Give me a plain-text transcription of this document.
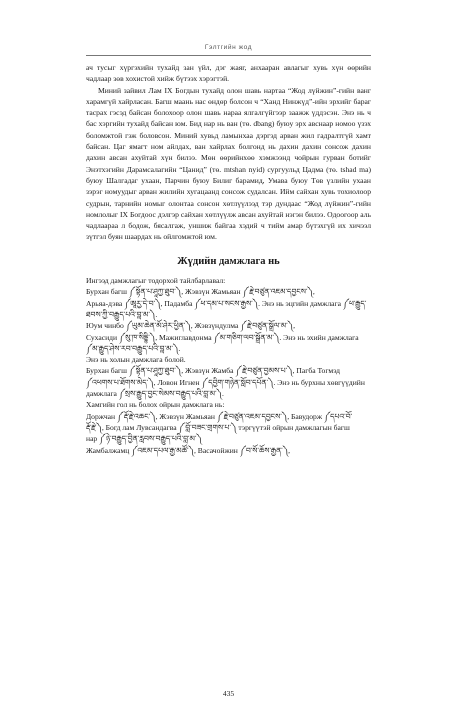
Гэлтгийн жод

ач тусыг хүргэхийн тухайд зан үйл, дэг жаяг, анхааран авлагыг хувь хүн өөрийн чадлаар зөв хохистой хийж бүтээх хэрэгтэй.

Миний зайвил Лам IX Богдын тухайд олон шавь нартаа “Жод лүйжин”-гийн ванг харамгүй хайрласан. Багш маань нас өндөр болсон ч “Ханд Нинжүд”-ийн эрхийг бараг тасрах гэсэд байсан болохоор олон шавь нараа ялгалгүйгээр заажж үддэсэн. Энэ нь ч бас хэргийн тухайд байсан юм. Бид нар нь ван (тө. dbang) буюу эрх авснаар номоо үзэх боломжтой гэж боловсон. Миний хувьд ламынхаа дэргэд арван жил гадралтгүй хамт байсан. Цаг ямагт ном айлдах, ван хайрлах болгонд нь дахин дахин сонсож дахин дахин авсан ахуйтай хүн билээ. Мөн өөрийнхөө хэмжээнд чойрын гурван ботийг Энэтхэгийн Дарамсалагийн “Цанид” (тө. mtshan nyid) сургуульд Цадма (тө. tshad ma) буюу Шалгадаг ухаан, Парчин буюу Билиг барамид, Умава буюу Төв үзлийн ухаан зэрэг номуудыг арван жилийн хугацаанд сонсож судалсан. Ийм сайхан хувь тохиолоор судрын, тарнийн номыг олонтаа сонсон хөтлүүлээд тэр дундаас “Жод лүйжин”-гийн номлолыг IX Богдоос дэлгэр сайхан хөтлүүлж авсан ахуйтай нэгэн билээ. Одоогоор аль чадлаараа л бодож, бясалгаж, уншиж байгаа хэдий ч тийм амар бүтэхгүй их хичээл зүтгэл буян шаардах нь ойлгомжтой юм.

Жүдийн дамжлага нь

Ингээд дамжлагыг тодорхой тайлбарлавал:

Бурхан багш ༼སྟོན་པ་ཤཱཀྱ་ཐུབ་༽, Жэвзүн Жамьяан ༼རྗེ་བཙུན་འཇམ་དབྱངས་༽,

Арьяа-дэва ༼ཨཱརྱ་དེ་བ་༽, Падамба ༼ཕ་དམ་པ་སངས་རྒྱས་༽. Энэ нь эцгийн дамжлага ༼ཕ་རྒྱུད་

ཐབས་ཀྱི་བརྒྱུད་པའི་བླ་མ་༽.

Юум чинбо ༼ཡུམ་ཆེན་མོ་ཤེར་ཕྱིན་༽, Жэвзүндулма ༼རྗེ་བཙུན་སྒྲོལ་མ་༽,

Сухасиди ༼སུ་ཁ་སིདྡྷི་༽, Мажиглавдонма ༼མ་གཅིག་ལབ་སྒྲོན་མ་༽. Энэ нь эхийн дамжлага

༼མ་རྒྱུད་ཤེས་རབ་བརྒྱུད་པའི་བླ་མ་༽.

Энэ нь холын дамжлага болой.

Бурхан багш ༼སྟོན་པ་ཤཱཀྱ་ཐུབ་༽, Жэвзүн Жамба ༼རྗེ་བཙུན་བྱམས་པ་༽, Пагба Тогмэд

༼འཕགས་པ་ཐོགས་མེད་༽, Ловон Игнен ༼དབྱིག་གཉེན་སློབ་དཔོན་༽. Энэ нь бурхны хөвгүүдийн

дамжлага ༼སྲས་རྒྱུད་བྱང་སེམས་བརྒྱུད་པའི་བླ་མ་༽.

Хамгийн гол нь болох ойрын дамжлага нь:

Доржчан ༼རྡོ་རྗེ་འཆང་༽, Жэвзүн Жамьяан ༼རྗེ་བཙུན་འཇམ་དབྱངས་༽, Бавудорж ༼དཔའ་བོ་

རྡོ་རྗེ་༽, Богд лам Лувсандагва ༼བློ་བཟང་གྲགས་པ་༽ тэргүүтэй ойрын дамжлагын багш

нар ༼ཉེ་བརྒྱུད་བྱིན་རླབས་བརྒྱུད་པའི་བླ་མ་༽

Жамбалжамц ༼འཇམ་དཔལ་རྒྱ་མཚོ་༽, Васачойжин ༼བ་སོ་ཆོས་རྒྱན་༽,

435
